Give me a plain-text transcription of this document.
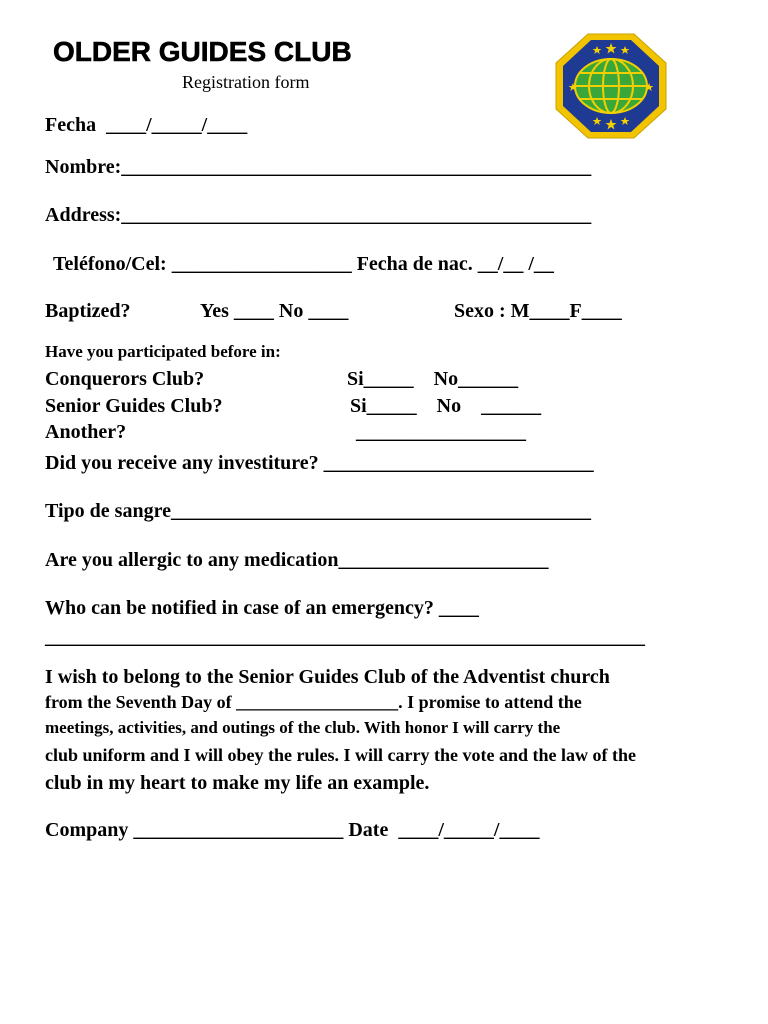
OLDER GUIDES CLUB
Registration form
Fecha  ____/_____/____
Nombre:_______________________________________________
Address:_______________________________________________
Teléfono/Cel: __________________ Fecha de nac. __/__ /__
Baptized?	Yes ____ No ____	Sexo : M____F____
Have you participated before in:
Conquerors Club?	Si_____    No______
Senior Guides Club?	Si_____    No    ______
Another?	_________________
Did you receive any investiture? ___________________________
Tipo de sangre__________________________________________
Are you allergic to any medication_____________________
Who can be notified in case of an emergency? ____
____________________________________________________________
I wish to belong to the Senior Guides Club of the Adventist church
from the Seventh Day of __________________. I promise to attend the
meetings, activities, and outings of the club. With honor I will carry the
club uniform and I will obey the rules. I will carry the vote and the law of the
club in my heart to make my life an example.
Company _____________________ Date  ____/_____/____
